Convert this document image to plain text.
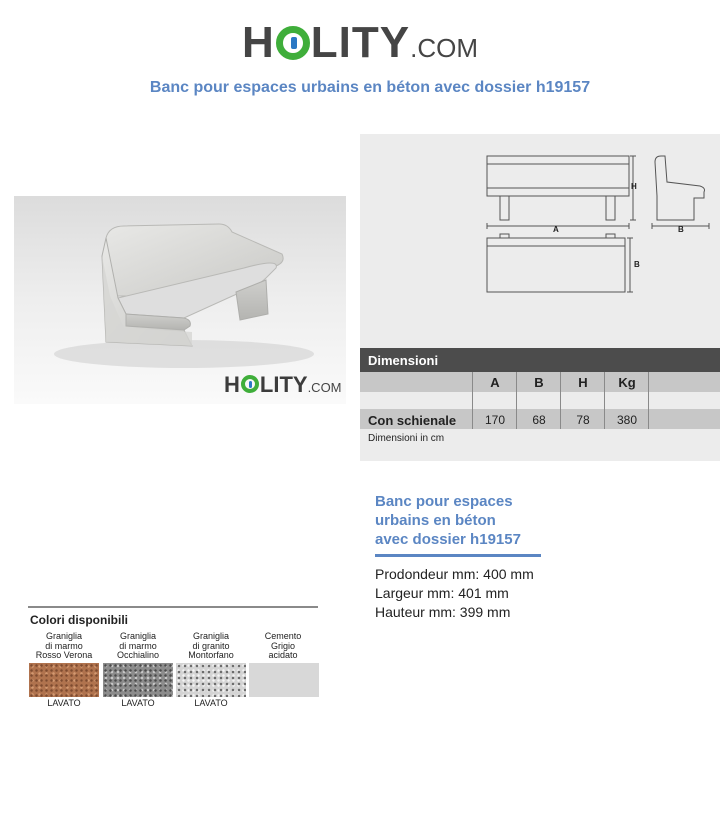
H LITY.COM
Banc pour espaces urbains en béton avec dossier h19157
H LITY.COM
H
A	B
B
Dimensioni
A	B	H	Kg
Con schienale	170	68	78	380
Dimensioni in cm
Banc pour espaces
urbains en béton
avec dossier h19157
Prodondeur mm: 400 mm
Largeur mm: 401 mm
Hauteur mm: 399 mm
Colori disponibili
Graniglia
di marmo
Rosso Verona
Graniglia
di marmo
Occhialino
Graniglia
di granito
Montorfano
Cemento
Grigio
acidato
LAVATO	LAVATO	LAVATO
